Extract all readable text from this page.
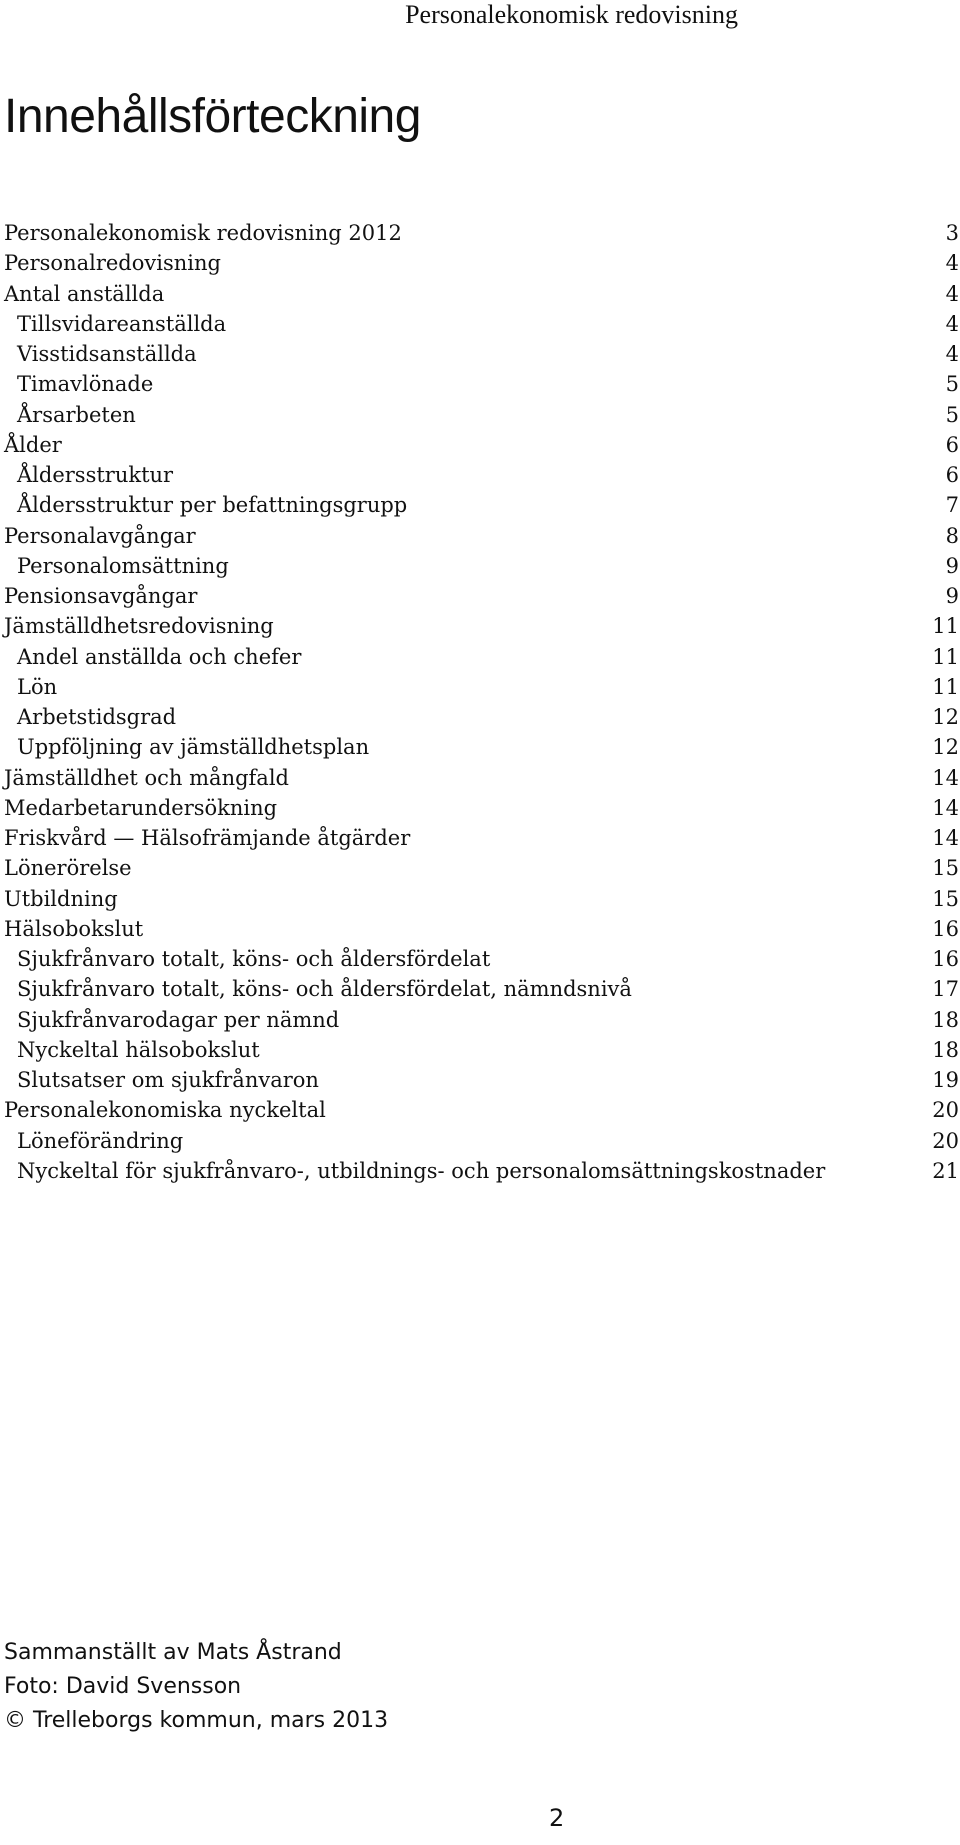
Personalekonomisk redovisning
Innehållsförteckning
Personalekonomisk redovisning 2012	3
Personalredovisning	4
Antal anställda	4
Tillsvidareanställda	4
Visstidsanställda	4
Timavlönade	5
Årsarbeten	5
Ålder	6
Åldersstruktur	6
Åldersstruktur per befattningsgrupp	7
Personalavgångar	8
Personalomsättning	9
Pensionsavgångar	9
Jämställdhetsredovisning	11
Andel anställda och chefer	11
Lön	11
Arbetstidsgrad	12
Uppföljning av jämställdhetsplan	12
Jämställdhet och mångfald	14
Medarbetarundersökning	14
Friskvård — Hälsofrämjande åtgärder	14
Lönerörelse	15
Utbildning	15
Hälsobokslut	16
Sjukfrånvaro totalt, köns- och åldersfördelat	16
Sjukfrånvaro totalt, köns- och åldersfördelat, nämndsnivå	17
Sjukfrånvarodagar per nämnd	18
Nyckeltal hälsobokslut	18
Slutsatser om sjukfrånvaron	19
Personalekonomiska nyckeltal	20
Löneförändring	20
Nyckeltal för sjukfrånvaro-, utbildnings- och personalomsättningskostnader	21
Sammanställt av Mats Åstrand
Foto: David Svensson
© Trelleborgs kommun, mars 2013
2
